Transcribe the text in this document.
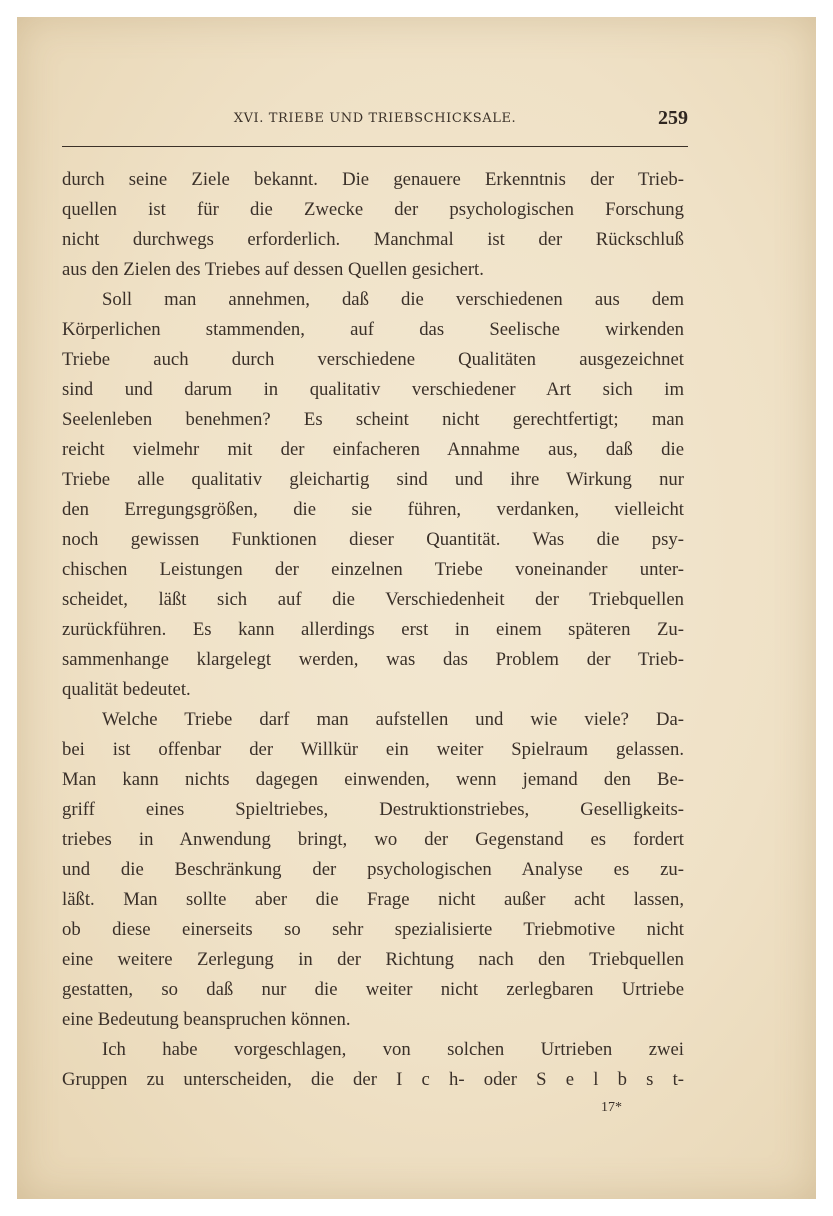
XVI. TRIEBE UND TRIEBSCHICKSALE.	259
durch seine Ziele bekannt. Die genauere Erkenntnis der Trieb-
quellen ist für die Zwecke der psychologischen Forschung
nicht durchwegs erforderlich. Manchmal ist der Rückschluß
aus den Zielen des Triebes auf dessen Quellen gesichert.
Soll man annehmen, daß die verschiedenen aus dem
Körperlichen stammenden, auf das Seelische wirkenden
Triebe auch durch verschiedene Qualitäten ausgezeichnet
sind und darum in qualitativ verschiedener Art sich im
Seelenleben benehmen? Es scheint nicht gerechtfertigt; man
reicht vielmehr mit der einfacheren Annahme aus, daß die
Triebe alle qualitativ gleichartig sind und ihre Wirkung nur
den Erregungsgrößen, die sie führen, verdanken, vielleicht
noch gewissen Funktionen dieser Quantität. Was die psy-
chischen Leistungen der einzelnen Triebe voneinander unter-
scheidet, läßt sich auf die Verschiedenheit der Triebquellen
zurückführen. Es kann allerdings erst in einem späteren Zu-
sammenhange klargelegt werden, was das Problem der Trieb-
qualität bedeutet.
Welche Triebe darf man aufstellen und wie viele? Da-
bei ist offenbar der Willkür ein weiter Spielraum gelassen.
Man kann nichts dagegen einwenden, wenn jemand den Be-
griff eines Spieltriebes, Destruktionstriebes, Geselligkeits-
triebes in Anwendung bringt, wo der Gegenstand es fordert
und die Beschränkung der psychologischen Analyse es zu-
läßt. Man sollte aber die Frage nicht außer acht lassen,
ob diese einerseits so sehr spezialisierte Triebmotive nicht
eine weitere Zerlegung in der Richtung nach den Triebquellen
gestatten, so daß nur die weiter nicht zerlegbaren Urtriebe
eine Bedeutung beanspruchen können.
Ich habe vorgeschlagen, von solchen Urtrieben zwei
Gruppen zu unterscheiden, die der I c h- oder S e l b s t-
17*
